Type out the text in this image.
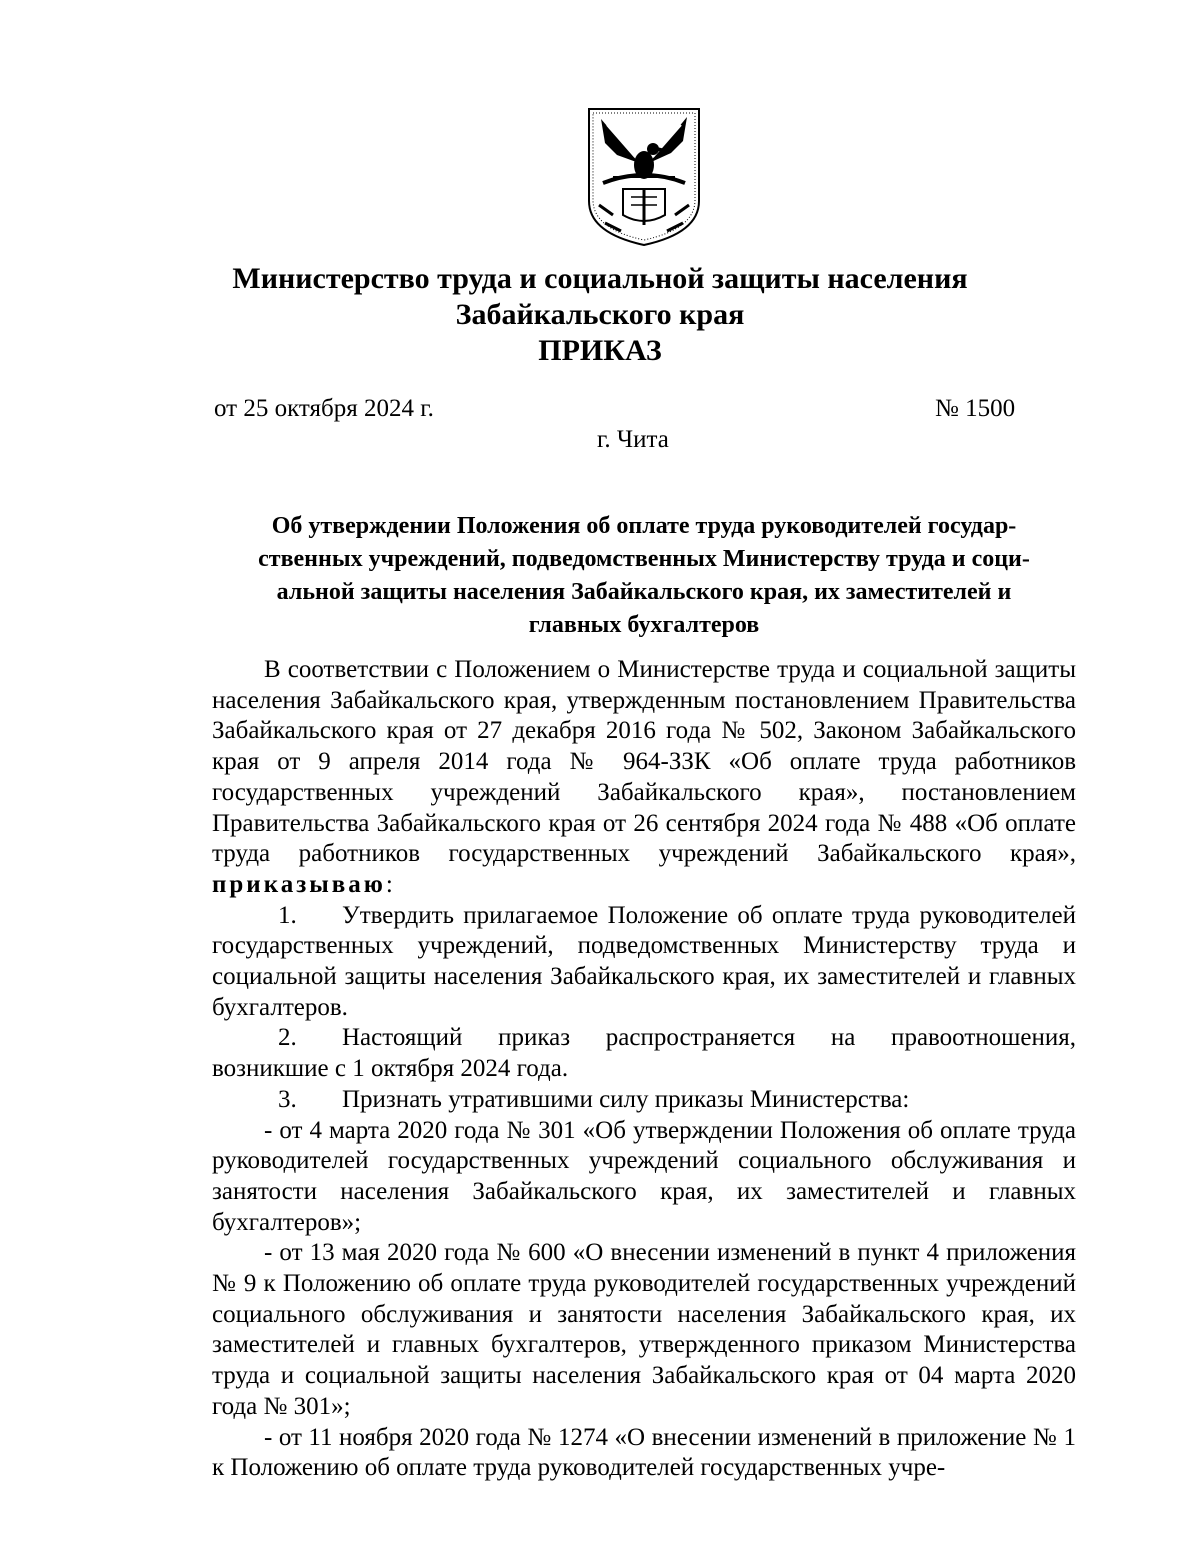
Министерство труда и социальной защиты населения
Забайкальского края
ПРИКАЗ
от 25 октября 2024 г.	№ 1500
г. Чита
Об утверждении Положения об оплате труда руководителей государ-
ственных учреждений, подведомственных Министерству труда и соци-
альной защиты населения Забайкальского края, их заместителей и
главных бухгалтеров

В соответствии с Положением о Министерстве труда и социальной защиты населения Забайкальского края, утвержденным постановлением Правительства Забайкальского края от 27 декабря 2016 года № 502, Законом Забайкальского края от 9 апреля 2014 года № 964-ЗЗК «Об оплате труда работников государственных учреждений Забайкальского края», постановлением Правительства Забайкальского края от 26 сентября 2024 года № 488 «Об оплате труда работников государственных учреждений Забайкальского края», приказываю:

1. Утвердить прилагаемое Положение об оплате труда руководителей государственных учреждений, подведомственных Министерству труда и социальной защиты населения Забайкальского края, их заместителей и главных бухгалтеров.

2. Настоящий приказ распространяется на правоотношения, возникшие с 1 октября 2024 года.

3. Признать утратившими силу приказы Министерства:

- от 4 марта 2020 года № 301 «Об утверждении Положения об оплате труда руководителей государственных учреждений социального обслуживания и занятости населения Забайкальского края, их заместителей и главных бухгалтеров»;

- от 13 мая 2020 года № 600 «О внесении изменений в пункт 4 приложения № 9 к Положению об оплате труда руководителей государственных учреждений социального обслуживания и занятости населения Забайкальского края, их заместителей и главных бухгалтеров, утвержденного приказом Министерства труда и социальной защиты населения Забайкальского края от 04 марта 2020 года № 301»;

- от 11 ноября 2020 года № 1274 «О внесении изменений в приложение № 1 к Положению об оплате труда руководителей государственных учре-
